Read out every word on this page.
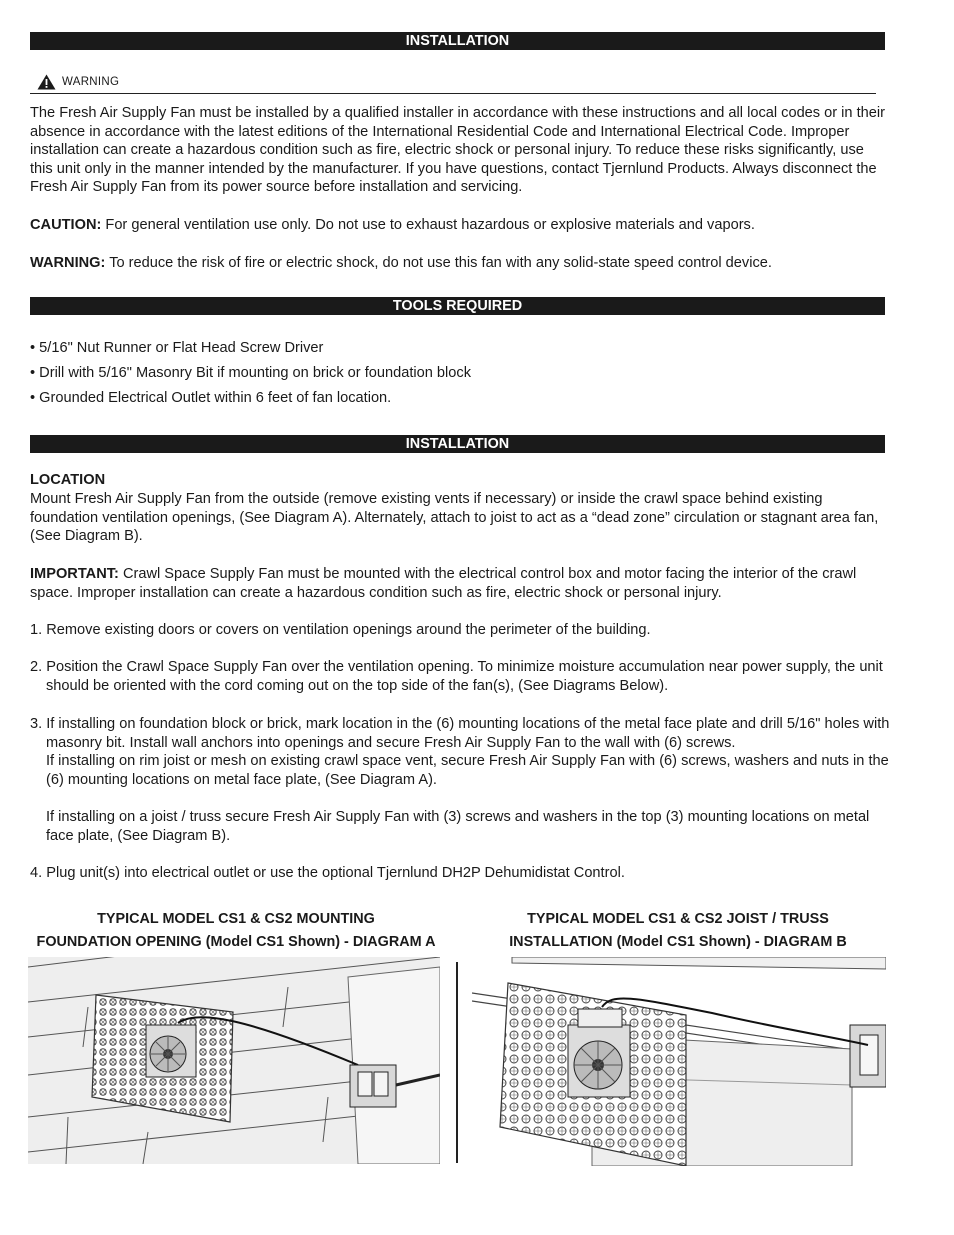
INSTALLATION
WARNING

The Fresh Air Supply Fan must be installed by a qualified installer in accordance with these instructions and all local codes or in their absence in accordance with the latest editions of the International Residential Code and International Electrical Code. Improper installation can create a hazardous condition such as fire, electric shock or personal injury. To reduce these risks significantly, use this unit only in the manner intended by the manufacturer. If you have questions, contact Tjernlund Products. Always disconnect the Fresh Air Supply Fan from its power source before installation and servicing.

CAUTION: For general ventilation use only. Do not use to exhaust hazardous or explosive materials and vapors.

WARNING: To reduce the risk of fire or electric shock, do not use this fan with any solid-state speed control device.

TOOLS REQUIRED

• 5/16" Nut Runner or Flat Head Screw Driver

• Drill with 5/16" Masonry Bit if mounting on brick or foundation block

• Grounded Electrical Outlet within 6 feet of fan location.

INSTALLATION

LOCATION

Mount Fresh Air Supply Fan from the outside (remove existing vents if necessary) or inside the crawl space behind existing foundation ventilation openings, (See Diagram A). Alternately, attach to joist to act as a “dead zone” circulation or stagnant area fan, (See Diagram B).

IMPORTANT: Crawl Space Supply Fan must be mounted with the electrical control box and motor facing the interior of the crawl space. Improper installation can create a hazardous condition such as fire, electric shock or personal injury.

1. Remove existing doors or covers on ventilation openings around the perimeter of the building.

2. Position the Crawl Space Supply Fan over the ventilation opening. To minimize moisture accumulation near power supply, the unit should be oriented with the cord coming out on the top side of the fan(s), (See Diagrams Below).

3. If installing on foundation block or brick, mark location in the (6) mounting locations of the metal face plate and drill 5/16" holes with masonry bit. Install wall anchors into openings and secure Fresh Air Supply Fan to the wall with (6) screws.

If installing on rim joist or mesh on existing crawl space vent, secure Fresh Air Supply Fan with (6) screws, washers and nuts in the (6) mounting locations on metal face plate, (See Diagram A).

If installing on a joist / truss secure Fresh Air Supply Fan with (3) screws and washers in the top (3) mounting locations on metal face plate, (See Diagram B).

4. Plug unit(s) into electrical outlet or use the optional Tjernlund DH2P Dehumidistat Control.

TYPICAL MODEL CS1 & CS2 MOUNTING
FOUNDATION OPENING (Model CS1 Shown) - DIAGRAM A
TYPICAL MODEL CS1 & CS2 JOIST / TRUSS
INSTALLATION (Model CS1 Shown) - DIAGRAM B
